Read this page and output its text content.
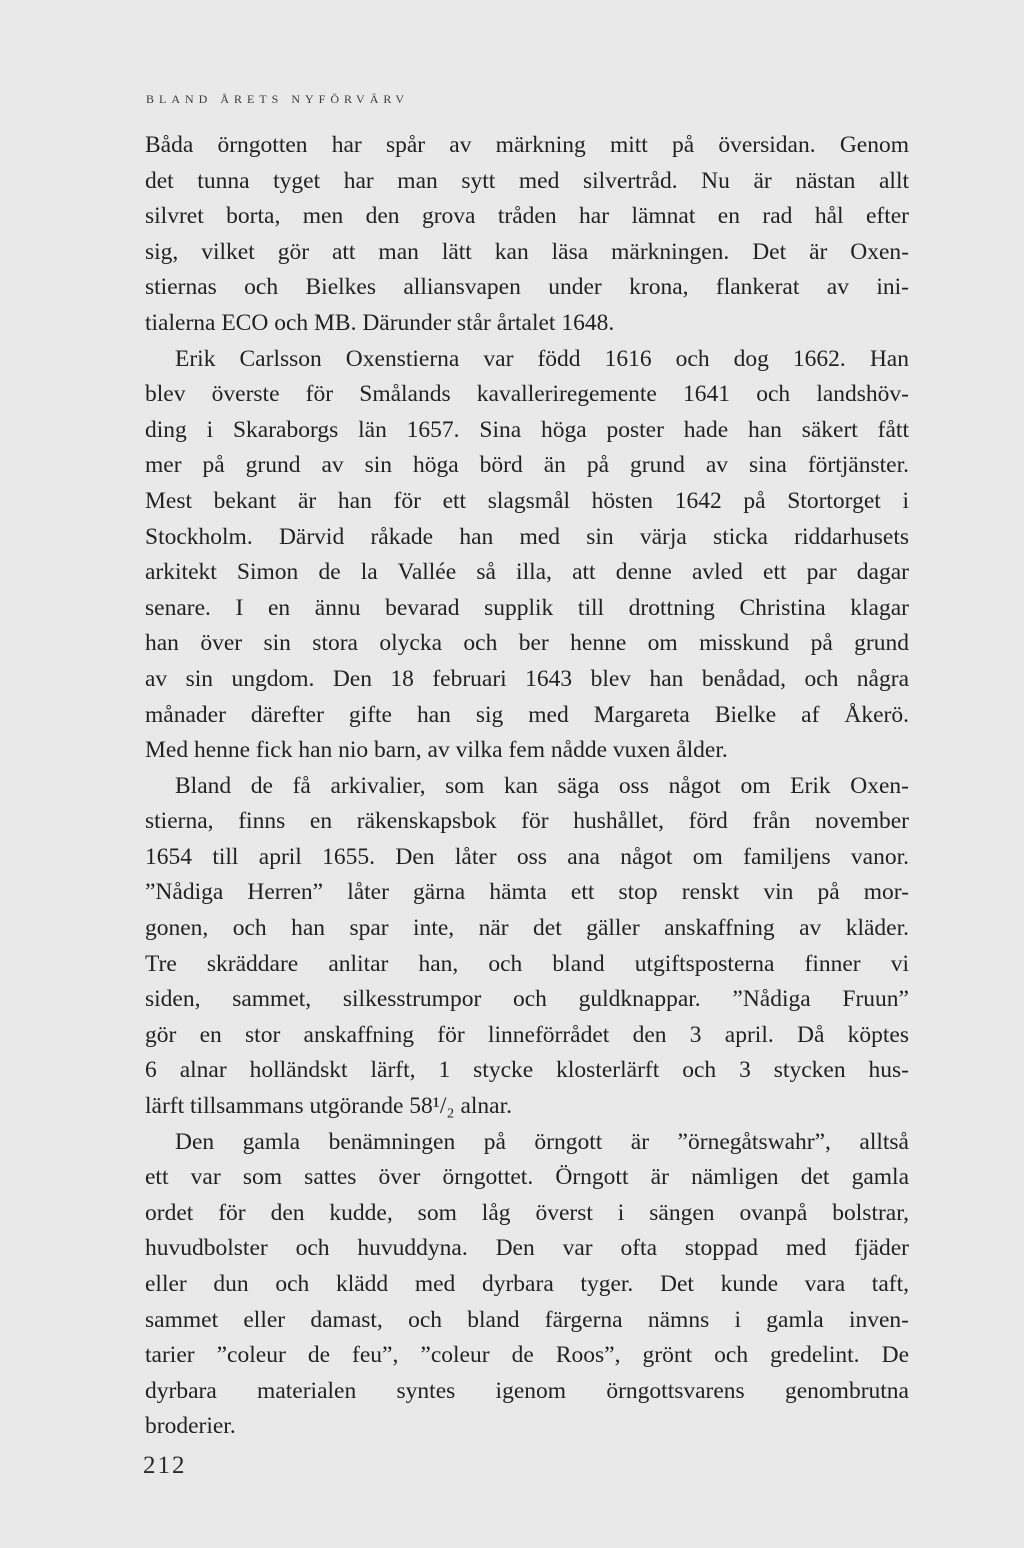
BLAND ÅRETS NYFÖRVÄRV
Båda örngotten har spår av märkning mitt på översidan. Genom
det tunna tyget har man sytt med silvertråd. Nu är nästan allt
silvret borta, men den grova tråden har lämnat en rad hål efter
sig, vilket gör att man lätt kan läsa märkningen. Det är Oxen-
stiernas och Bielkes alliansvapen under krona, flankerat av ini-
tialerna ECO och MB. Därunder står årtalet 1648.
Erik Carlsson Oxenstierna var född 1616 och dog 1662. Han
blev överste för Smålands kavalleriregemente 1641 och landshöv-
ding i Skaraborgs län 1657. Sina höga poster hade han säkert fått
mer på grund av sin höga börd än på grund av sina förtjänster.
Mest bekant är han för ett slagsmål hösten 1642 på Stortorget i
Stockholm. Därvid råkade han med sin värja sticka riddarhusets
arkitekt Simon de la Vallée så illa, att denne avled ett par dagar
senare. I en ännu bevarad supplik till drottning Christina klagar
han över sin stora olycka och ber henne om misskund på grund
av sin ungdom. Den 18 februari 1643 blev han benådad, och några
månader därefter gifte han sig med Margareta Bielke af Åkerö.
Med henne fick han nio barn, av vilka fem nådde vuxen ålder.
Bland de få arkivalier, som kan säga oss något om Erik Oxen-
stierna, finns en räkenskapsbok för hushållet, förd från november
1654 till april 1655. Den låter oss ana något om familjens vanor.
”Nådiga Herren” låter gärna hämta ett stop renskt vin på mor-
gonen, och han spar inte, när det gäller anskaffning av kläder.
Tre skräddare anlitar han, och bland utgiftsposterna finner vi
siden, sammet, silkesstrumpor och guldknappar. ”Nådiga Fruun”
gör en stor anskaffning för linneförrådet den 3 april. Då köptes
6 alnar holländskt lärft, 1 stycke klosterlärft och 3 stycken hus-
lärft tillsammans utgörande 58¹/₂ alnar.
Den gamla benämningen på örngott är ”örnegåtswahr”, alltså
ett var som sattes över örngottet. Örngott är nämligen det gamla
ordet för den kudde, som låg överst i sängen ovanpå bolstrar,
huvudbolster och huvuddyna. Den var ofta stoppad med fjäder
eller dun och klädd med dyrbara tyger. Det kunde vara taft,
sammet eller damast, och bland färgerna nämns i gamla inven-
tarier ”coleur de feu”, ”coleur de Roos”, grönt och gredelint. De
dyrbara materialen syntes igenom örngottsvarens genombrutna
broderier.
212
